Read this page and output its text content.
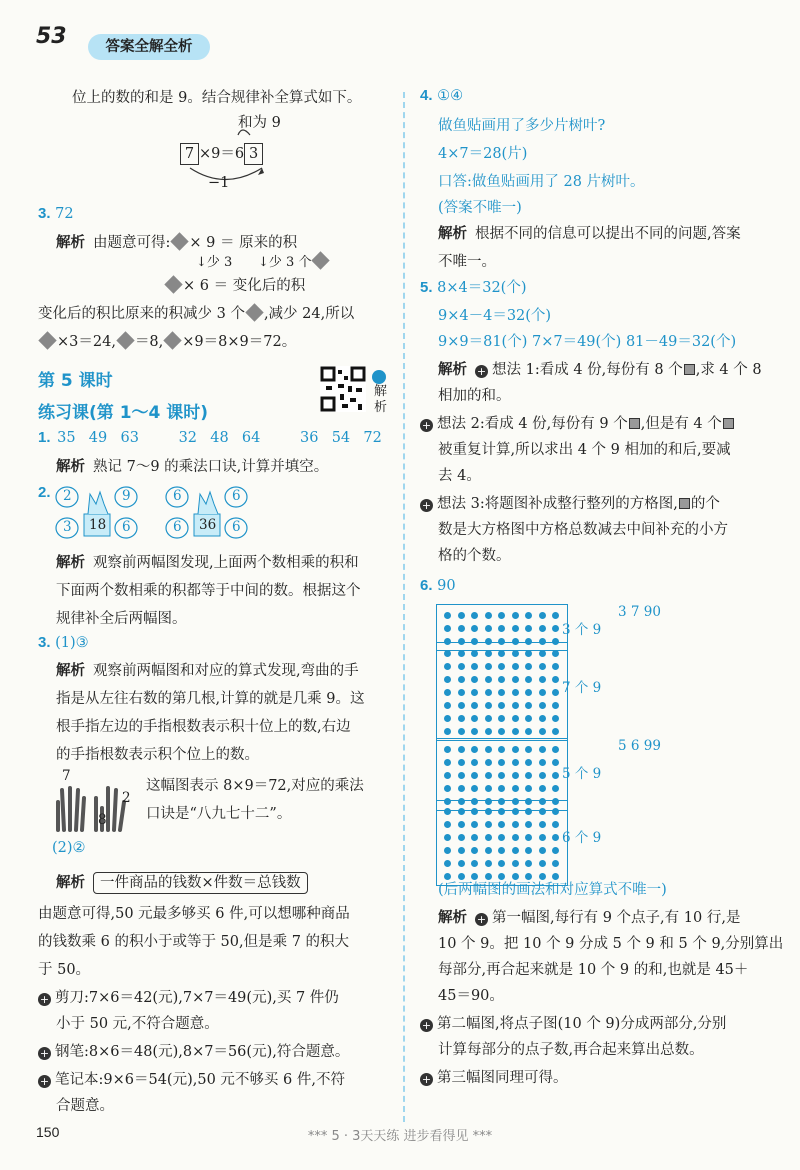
53	答案全解全析
位上的数的和是 9。结合规律补全算式如下。
和为 9
7 ×9＝6 3
−1
3. 72
解析 由题意可得: × 9 ＝ 原来的积
↓少 3 ↓少 3 个
× 6 ＝ 变化后的积
变化后的积比原来的积减少 3 个 ,减少 24,所以
×3＝24, ＝8, ×9＝8×9＝72。
第 5 课时
练习课(第 1～4 课时)
解析
1. 35 49 63	32 48 64	36 54 72
解析 熟记 7～9 的乘法口诀,计算并填空。
2. 2	9
3 18 6
6	6
6 36 6
解析 观察前两幅图发现,上面两个数相乘的积和
下面两个数相乘的积都等于中间的数。根据这个
规律补全后两幅图。
3. (1)③
解析 观察前两幅图和对应的算式发现,弯曲的手
指是从左往右数的第几根,计算的就是几乘 9。这
根手指左边的手指根数表示积十位上的数,右边
的手指根数表示积个位上的数。
7
8
2
这幅图表示 8×9＝72,对应的乘法
口诀是“八九七十二”。
(2)②
解析 一件商品的钱数×件数＝总钱数
由题意可得,50 元最多够买 6 件,可以想哪种商品
的钱数乘 6 的积小于或等于 50,但是乘 7 的积大
于 50。
+ 剪刀:7×6＝42(元),7×7＝49(元),买 7 件仍
小于 50 元,不符合题意。
+ 钢笔:8×6＝48(元),8×7＝56(元),符合题意。
+ 笔记本:9×6＝54(元),50 元不够买 6 件,不符
合题意。
4. ①④
做鱼贴画用了多少片树叶?
4×7＝28(片)
口答:做鱼贴画用了 28 片树叶。
(答案不唯一)
解析 根据不同的信息可以提出不同的问题,答案
不唯一。
5. 8×4＝32(个)
9×4－4＝32(个)
9×9＝81(个) 7×7＝49(个) 81－49＝32(个)
解析 + 想法 1:看成 4 份,每份有 8 个 ,求 4 个 8
相加的和。
+ 想法 2:看成 4 份,每份有 9 个 ,但是有 4 个
被重复计算,所以求出 4 个 9 相加的和后,要减
去 4。
+ 想法 3:将题图补成整行整列的方格图, 的个
数是大方格图中方格总数减去中间补充的小方
格的个数。
6. 90
3 个 9
3 7 90
7 个 9
5 6 99
5 个 9
6 个 9
(后两幅图的画法和对应算式不唯一)
解析 + 第一幅图,每行有 9 个点子,有 10 行,是
10 个 9。把 10 个 9 分成 5 个 9 和 5 个 9,分别算出
每部分,再合起来就是 10 个 9 的和,也就是 45＋
45＝90。
+ 第二幅图,将点子图(10 个 9)分成两部分,分别
计算每部分的点子数,再合起来算出总数。
+ 第三幅图同理可得。
150	*** 5 · 3天天练 进步看得见 ***
